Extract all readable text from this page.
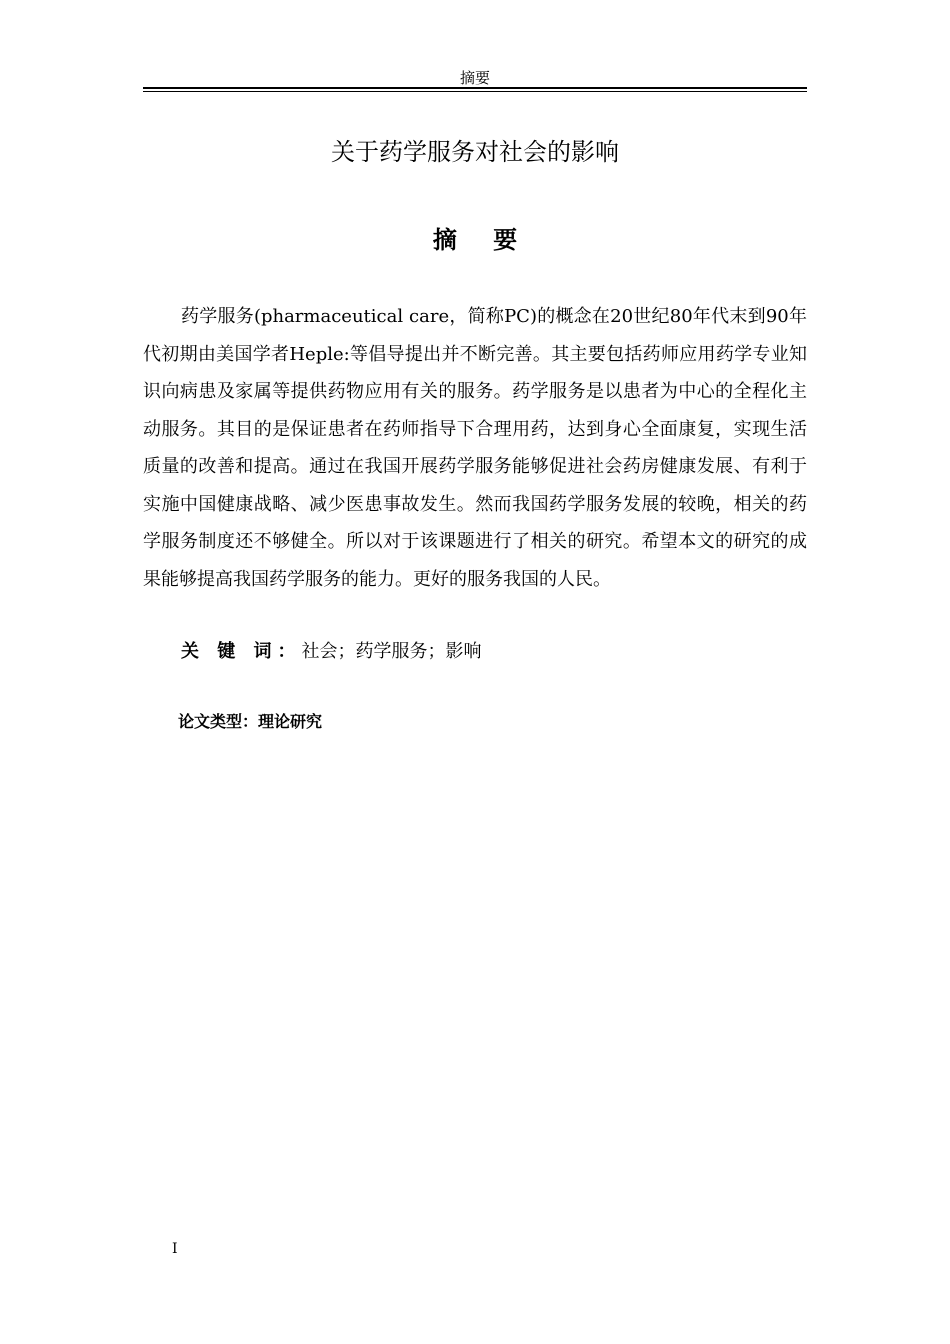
摘要
关于药学服务对社会的影响
摘 要

药学服务(pharmaceutical care，简称PC)的概念在20世纪80年代末到90年代初期由美国学者Heple:等倡导提出并不断完善。其主要包括药师应用药学专业知识向病患及家属等提供药物应用有关的服务。药学服务是以患者为中心的全程化主动服务。其目的是保证患者在药师指导下合理用药，达到身心全面康复，实现生活质量的改善和提高。通过在我国开展药学服务能够促进社会药房健康发展、有利于实施中国健康战略、减少医患事故发生。然而我国药学服务发展的较晚，相关的药学服务制度还不够健全。所以对于该课题进行了相关的研究。希望本文的研究的成果能够提高我国药学服务的能力。更好的服务我国的人民。

关 键 词：社会；药学服务；影响
论文类型：理论研究
I
